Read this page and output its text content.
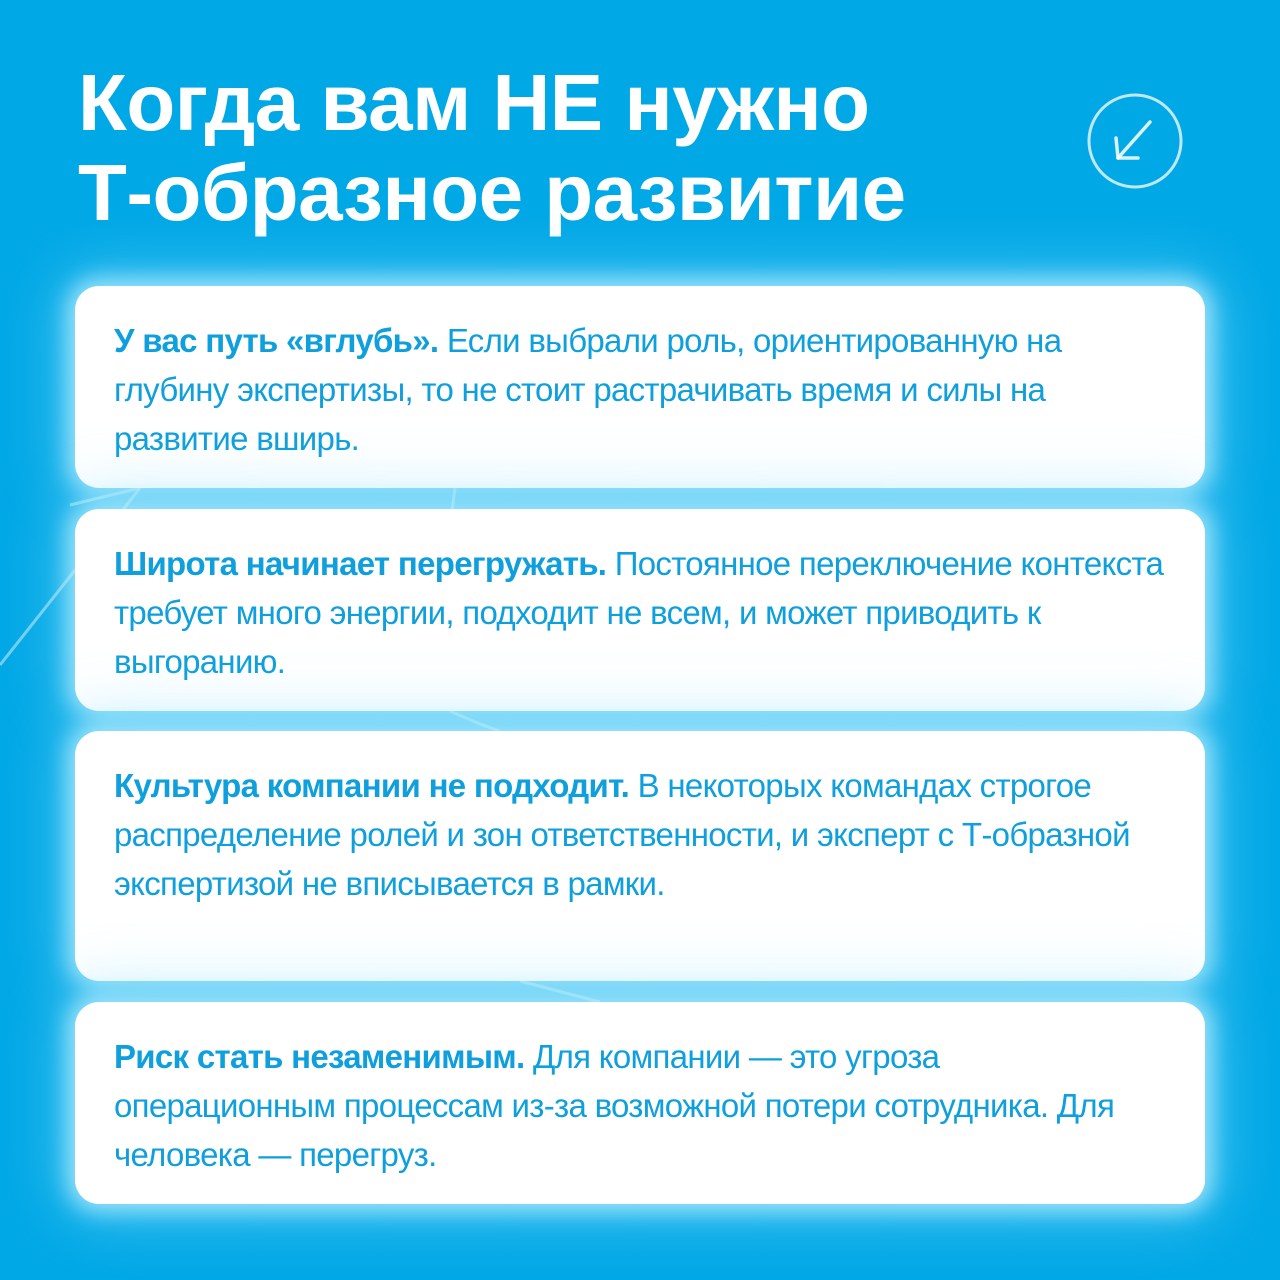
Когда вам НЕ нужно
Т-образное развитие

У вас путь «вглубь». Если выбрали роль, ориентированную на глубину экспертизы, то не стоит растрачивать время и силы на развитие вширь.

Широта начинает перегружать. Постоянное переключение контекста требует много энергии, подходит не всем, и может приводить к выгоранию.

Культура компании не подходит. В некоторых командах строгое распределение ролей и зон ответственности, и эксперт с Т-образной экспертизой не вписывается в рамки.

Риск стать незаменимым. Для компании — это угроза операционным процессам из-за возможной потери сотрудника. Для человека — перегруз.
